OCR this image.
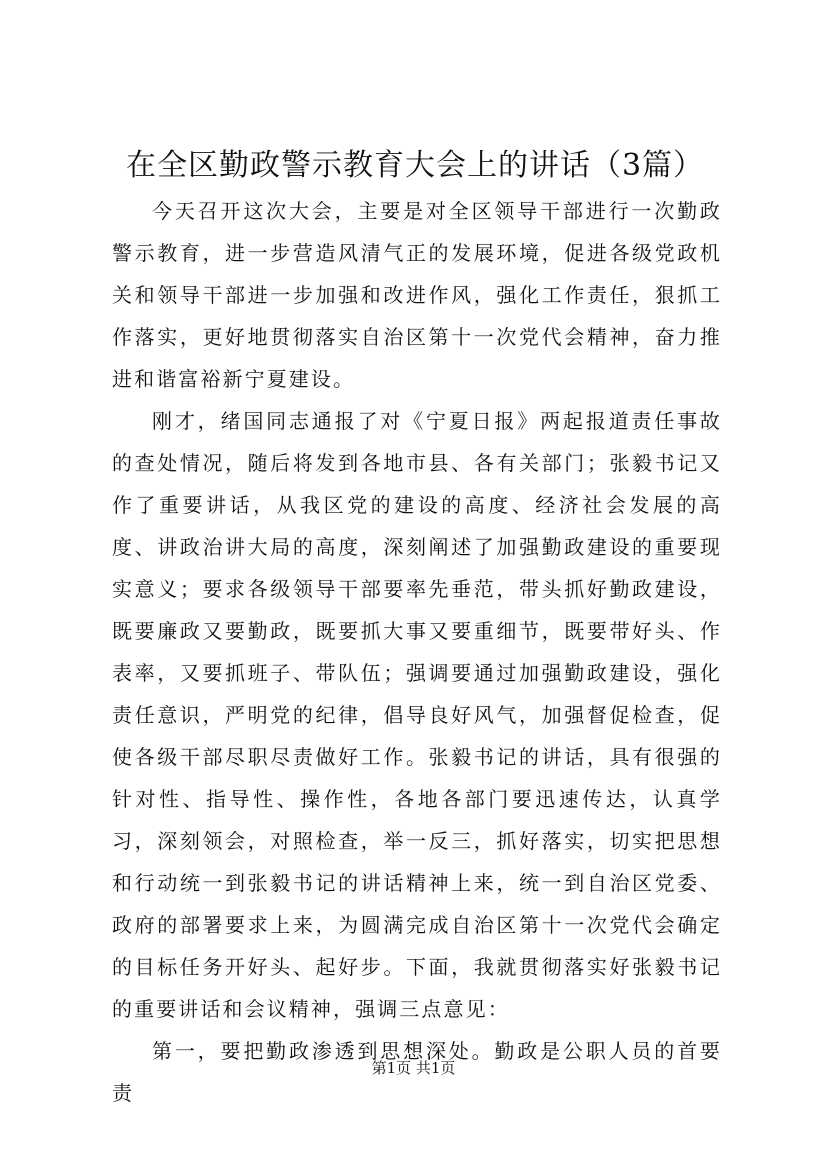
在全区勤政警示教育大会上的讲话（3篇）

今天召开这次大会，主要是对全区领导干部进行一次勤政警示教育，进一步营造风清气正的发展环境，促进各级党政机关和领导干部进一步加强和改进作风，强化工作责任，狠抓工作落实，更好地贯彻落实自治区第十一次党代会精神，奋力推进和谐富裕新宁夏建设。

刚才，绪国同志通报了对《宁夏日报》两起报道责任事故的查处情况，随后将发到各地市县、各有关部门；张毅书记又作了重要讲话，从我区党的建设的高度、经济社会发展的高度、讲政治讲大局的高度，深刻阐述了加强勤政建设的重要现实意义；要求各级领导干部要率先垂范，带头抓好勤政建设，既要廉政又要勤政，既要抓大事又要重细节，既要带好头、作表率，又要抓班子、带队伍；强调要通过加强勤政建设，强化责任意识，严明党的纪律，倡导良好风气，加强督促检查，促使各级干部尽职尽责做好工作。张毅书记的讲话，具有很强的针对性、指导性、操作性，各地各部门要迅速传达，认真学习，深刻领会，对照检查，举一反三，抓好落实，切实把思想和行动统一到张毅书记的讲话精神上来，统一到自治区党委、政府的部署要求上来，为圆满完成自治区第十一次党代会确定的目标任务开好头、起好步。下面，我就贯彻落实好张毅书记的重要讲话和会议精神，强调三点意见：

第一，要把勤政渗透到思想深处。勤政是公职人员的首要责

第1页 共1页
